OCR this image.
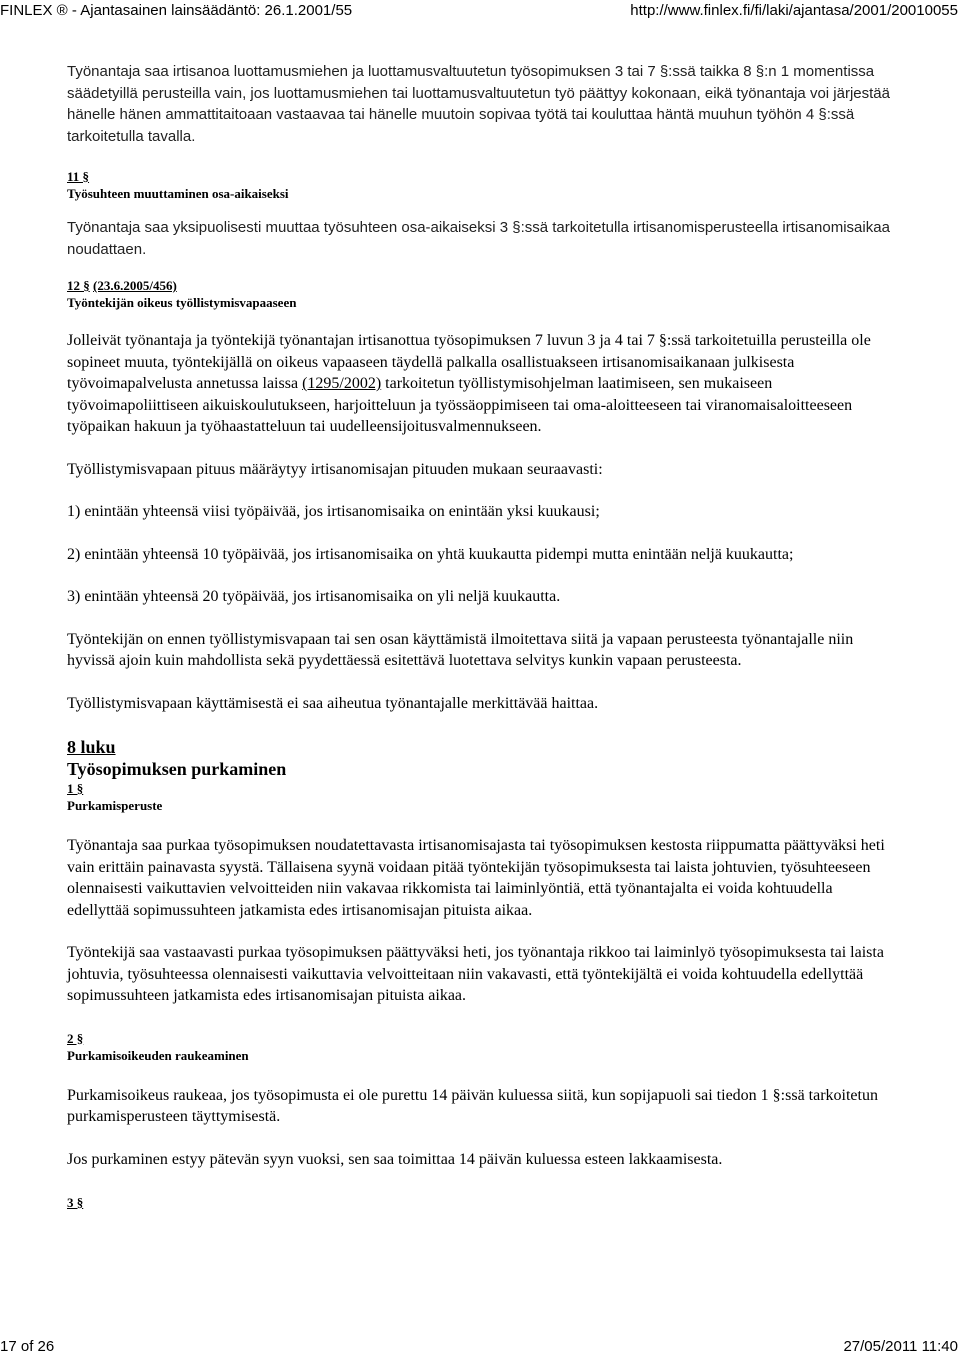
FINLEX ® - Ajantasainen lainsäädäntö: 26.1.2001/55	http://www.finlex.fi/fi/laki/ajantasa/2001/20010055

Työnantaja saa irtisanoa luottamusmiehen ja luottamusvaltuutetun työsopimuksen 3 tai 7 §:ssä taikka 8 §:n 1 momentissa säädetyillä perusteilla vain, jos luottamusmiehen tai luottamusvaltuutetun työ päättyy kokonaan, eikä työnantaja voi järjestää hänelle hänen ammattitaitoaan vastaavaa tai hänelle muutoin sopivaa työtä tai kouluttaa häntä muuhun työhön 4 §:ssä tarkoitetulla tavalla.

11 §
Työsuhteen muuttaminen osa-aikaiseksi

Työnantaja saa yksipuolisesti muuttaa työsuhteen osa-aikaiseksi 3 §:ssä tarkoitetulla irtisanomisperusteella irtisanomisaikaa noudattaen.

12 § (23.6.2005/456)
Työntekijän oikeus työllistymisvapaaseen

Jolleivät työnantaja ja työntekijä työnantajan irtisanottua työsopimuksen 7 luvun 3 ja 4 tai 7 §:ssä tarkoitetuilla perusteilla ole sopineet muuta, työntekijällä on oikeus vapaaseen täydellä palkalla osallistuakseen irtisanomisaikanaan julkisesta työvoimapalvelusta annetussa laissa (1295/2002) tarkoitetun työllistymisohjelman laatimiseen, sen mukaiseen työvoimapoliittiseen aikuiskoulutukseen, harjoitteluun ja työssäoppimiseen tai oma-aloitteeseen tai viranomaisaloitteeseen työpaikan hakuun ja työhaastatteluun tai uudelleensijoitusvalmennukseen.

Työllistymisvapaan pituus määräytyy irtisanomisajan pituuden mukaan seuraavasti:

1) enintään yhteensä viisi työpäivää, jos irtisanomisaika on enintään yksi kuukausi;

2) enintään yhteensä 10 työpäivää, jos irtisanomisaika on yhtä kuukautta pidempi mutta enintään neljä kuukautta;

3) enintään yhteensä 20 työpäivää, jos irtisanomisaika on yli neljä kuukautta.

Työntekijän on ennen työllistymisvapaan tai sen osan käyttämistä ilmoitettava siitä ja vapaan perusteesta työnantajalle niin hyvissä ajoin kuin mahdollista sekä pyydettäessä esitettävä luotettava selvitys kunkin vapaan perusteesta.

Työllistymisvapaan käyttämisestä ei saa aiheutua työnantajalle merkittävää haittaa.

8 luku
Työsopimuksen purkaminen
1 §
Purkamisperuste

Työnantaja saa purkaa työsopimuksen noudatettavasta irtisanomisajasta tai työsopimuksen kestosta riippumatta päättyväksi heti vain erittäin painavasta syystä. Tällaisena syynä voidaan pitää työntekijän työsopimuksesta tai laista johtuvien, työsuhteeseen olennaisesti vaikuttavien velvoitteiden niin vakavaa rikkomista tai laiminlyöntiä, että työnantajalta ei voida kohtuudella edellyttää sopimussuhteen jatkamista edes irtisanomisajan pituista aikaa.

Työntekijä saa vastaavasti purkaa työsopimuksen päättyväksi heti, jos työnantaja rikkoo tai laiminlyö työsopimuksesta tai laista johtuvia, työsuhteessa olennaisesti vaikuttavia velvoitteitaan niin vakavasti, että työntekijältä ei voida kohtuudella edellyttää sopimussuhteen jatkamista edes irtisanomisajan pituista aikaa.

2 §
Purkamisoikeuden raukeaminen

Purkamisoikeus raukeaa, jos työsopimusta ei ole purettu 14 päivän kuluessa siitä, kun sopijapuoli sai tiedon 1 §:ssä tarkoitetun purkamisperusteen täyttymisestä.

Jos purkaminen estyy pätevän syyn vuoksi, sen saa toimittaa 14 päivän kuluessa esteen lakkaamisesta.

3 §
17 of 26	27/05/2011 11:40
